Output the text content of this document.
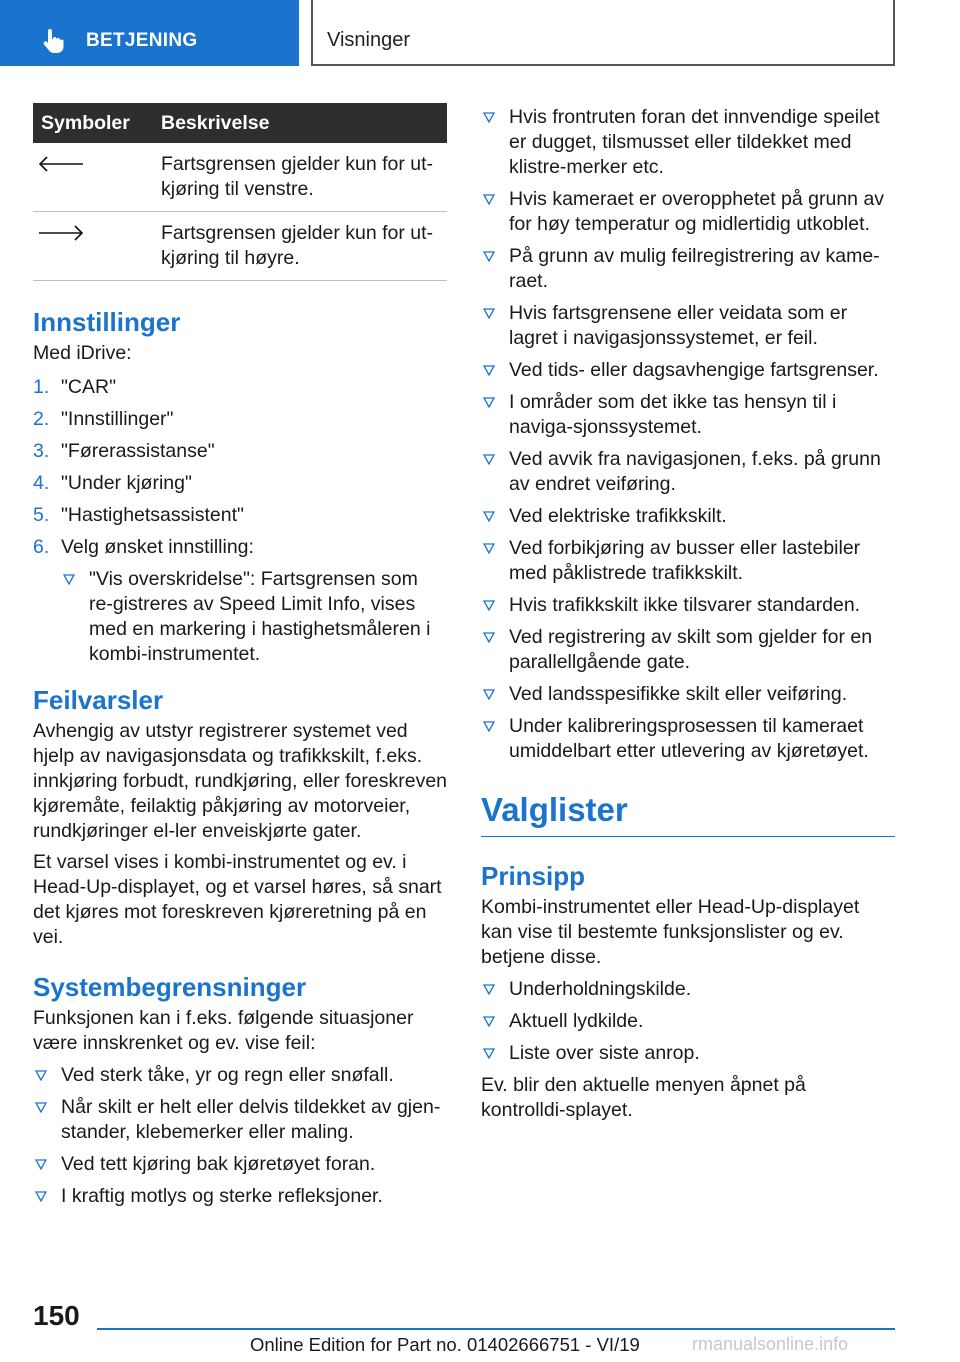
BETJENING	Visninger
Symboler	Beskrivelse

	Fartsgrensen gjelder kun for ut-kjøring til venstre.

	Fartsgrensen gjelder kun for ut-kjøring til høyre.
Innstillinger

Med iDrive:

1. "CAR"
2. "Innstillinger"
3. "Førerassistanse"
4. "Under kjøring"
5. "Hastighetsassistent"
6. Velg ønsket innstilling:
"Vis overskridelse": Fartsgrensen som re-gistreres av Speed Limit Info, vises med en markering i hastighetsmåleren i kombi-instrumentet.
Feilvarsler

Avhengig av utstyr registrerer systemet ved hjelp av navigasjonsdata og trafikkskilt, f.eks. innkjøring forbudt, rundkjøring, eller foreskreven kjøremåte, feilaktig påkjøring av motorveier, rundkjøringer el-ler enveiskjørte gater.

Et varsel vises i kombi-instrumentet og ev. i Head-Up-displayet, og et varsel høres, så snart det kjøres mot foreskreven kjøreretning på en vei.

Systembegrensninger

Funksjonen kan i f.eks. følgende situasjoner være innskrenket og ev. vise feil:

Ved sterk tåke, yr og regn eller snøfall.
Når skilt er helt eller delvis tildekket av gjen-stander, klebemerker eller maling.
Ved tett kjøring bak kjøretøyet foran.
I kraftig motlys og sterke refleksjoner.
Hvis frontruten foran det innvendige speilet er dugget, tilsmusset eller tildekket med klistre-merker etc.
Hvis kameraet er overopphetet på grunn av for høy temperatur og midlertidig utkoblet.
På grunn av mulig feilregistrering av kame-raet.
Hvis fartsgrensene eller veidata som er lagret i navigasjonssystemet, er feil.
Ved tids- eller dagsavhengige fartsgrenser.
I områder som det ikke tas hensyn til i naviga-sjonssystemet.
Ved avvik fra navigasjonen, f.eks. på grunn av endret veiføring.
Ved elektriske trafikkskilt.
Ved forbikjøring av busser eller lastebiler med påklistrede trafikkskilt.
Hvis trafikkskilt ikke tilsvarer standarden.
Ved registrering av skilt som gjelder for en parallellgående gate.
Ved landsspesifikke skilt eller veiføring.
Under kalibreringsprosessen til kameraet umiddelbart etter utlevering av kjøretøyet.
Valglister
Prinsipp

Kombi-instrumentet eller Head-Up-displayet kan vise til bestemte funksjonslister og ev. betjene disse.

Underholdningskilde.
Aktuell lydkilde.
Liste over siste anrop.

Ev. blir den aktuelle menyen åpnet på kontrolldi-splayet.

150
Online Edition for Part no. 01402666751 - VI/19	rmanualsonline.info
